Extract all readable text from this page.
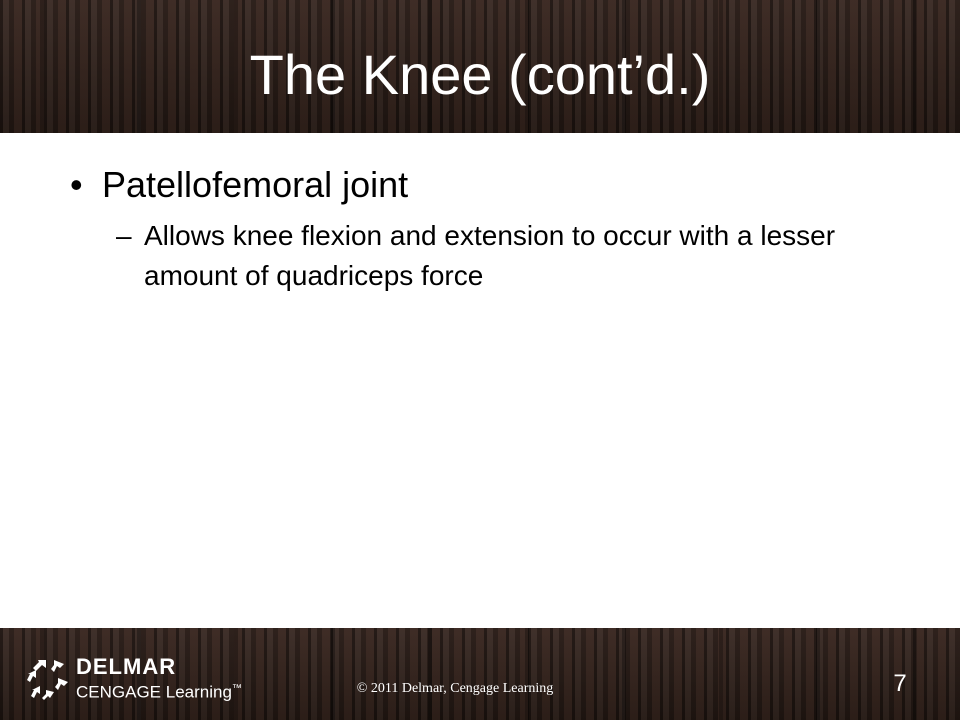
The Knee (cont’d.)
• Patellofemoral joint
– Allows knee flexion and extension to occur with a lesser amount of quadriceps force
DELMAR
CENGAGE Learning™	© 2011 Delmar, Cengage Learning	7
